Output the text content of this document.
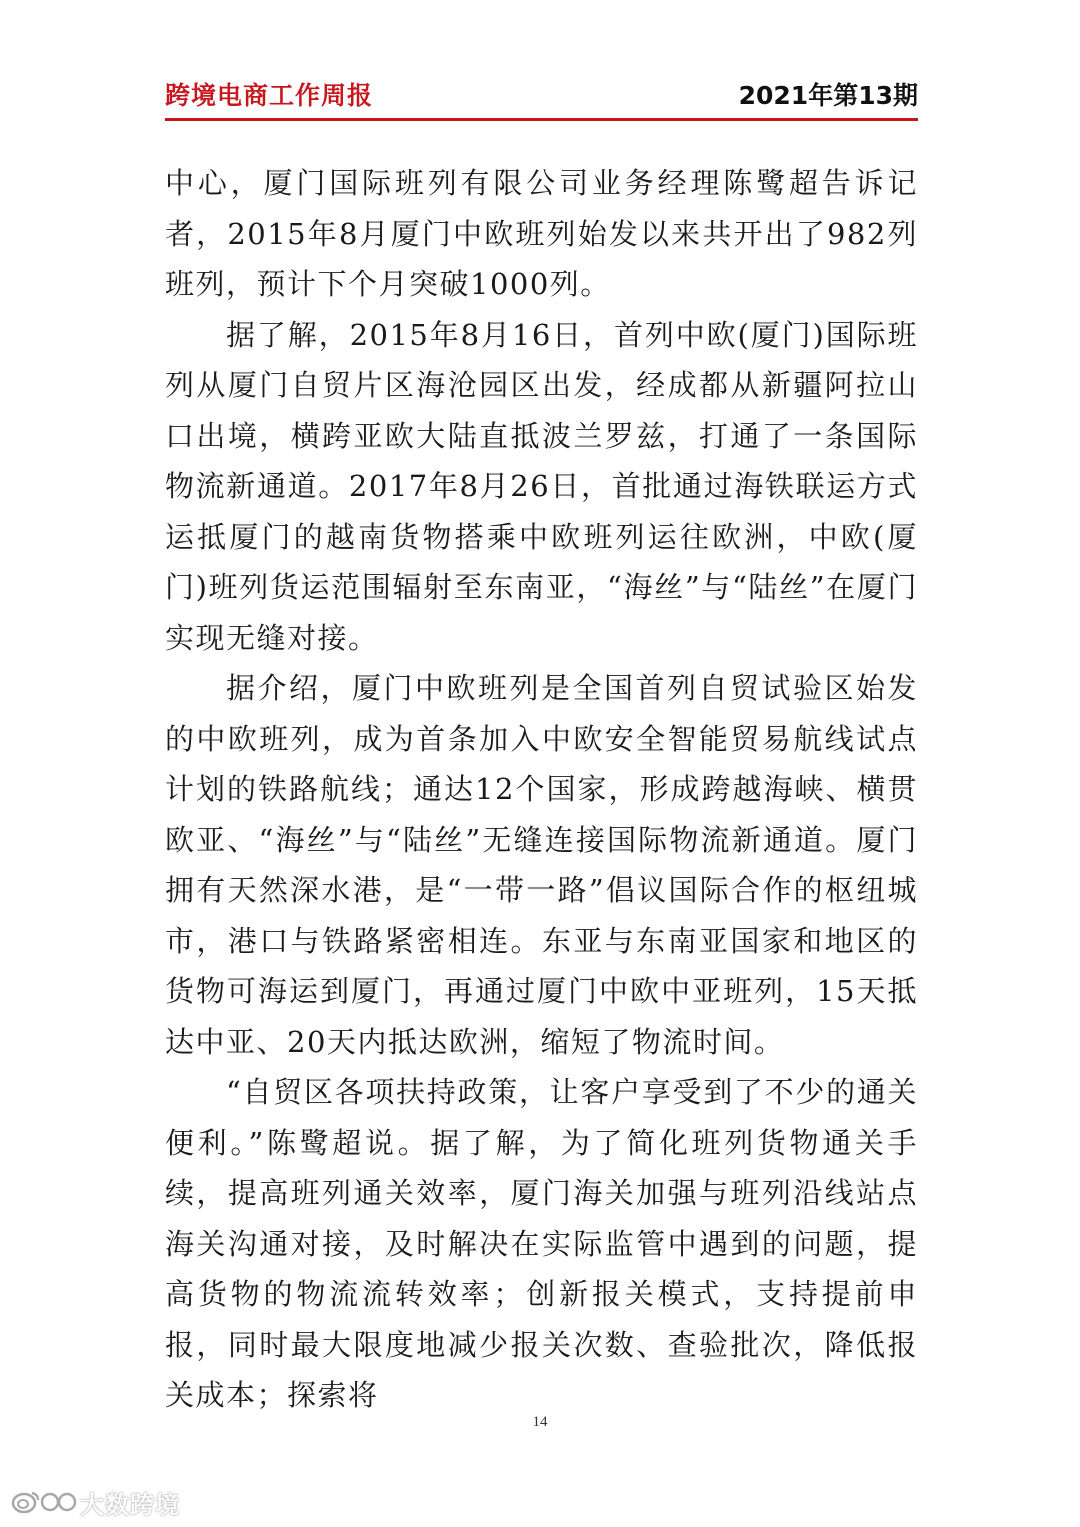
跨境电商工作周报	2021年第13期

中心，厦门国际班列有限公司业务经理陈鹭超告诉记者，2015年8月厦门中欧班列始发以来共开出了982列班列，预计下个月突破1000列。

据了解，2015年8月16日，首列中欧(厦门)国际班列从厦门自贸片区海沧园区出发，经成都从新疆阿拉山口出境，横跨亚欧大陆直抵波兰罗兹，打通了一条国际物流新通道。2017年8月26日，首批通过海铁联运方式运抵厦门的越南货物搭乘中欧班列运往欧洲，中欧(厦门)班列货运范围辐射至东南亚，“海丝”与“陆丝”在厦门实现无缝对接。

据介绍，厦门中欧班列是全国首列自贸试验区始发的中欧班列，成为首条加入中欧安全智能贸易航线试点计划的铁路航线；通达12个国家，形成跨越海峡、横贯欧亚、“海丝”与“陆丝”无缝连接国际物流新通道。厦门拥有天然深水港，是“一带一路”倡议国际合作的枢纽城市，港口与铁路紧密相连。东亚与东南亚国家和地区的货物可海运到厦门，再通过厦门中欧中亚班列，15天抵达中亚、20天内抵达欧洲，缩短了物流时间。

“自贸区各项扶持政策，让客户享受到了不少的通关便利。”陈鹭超说。据了解，为了简化班列货物通关手续，提高班列通关效率，厦门海关加强与班列沿线站点海关沟通对接，及时解决在实际监管中遇到的问题，提高货物的物流流转效率；创新报关模式，支持提前申报，同时最大限度地减少报关次数、查验批次，降低报关成本；探索将

14
大数跨境
